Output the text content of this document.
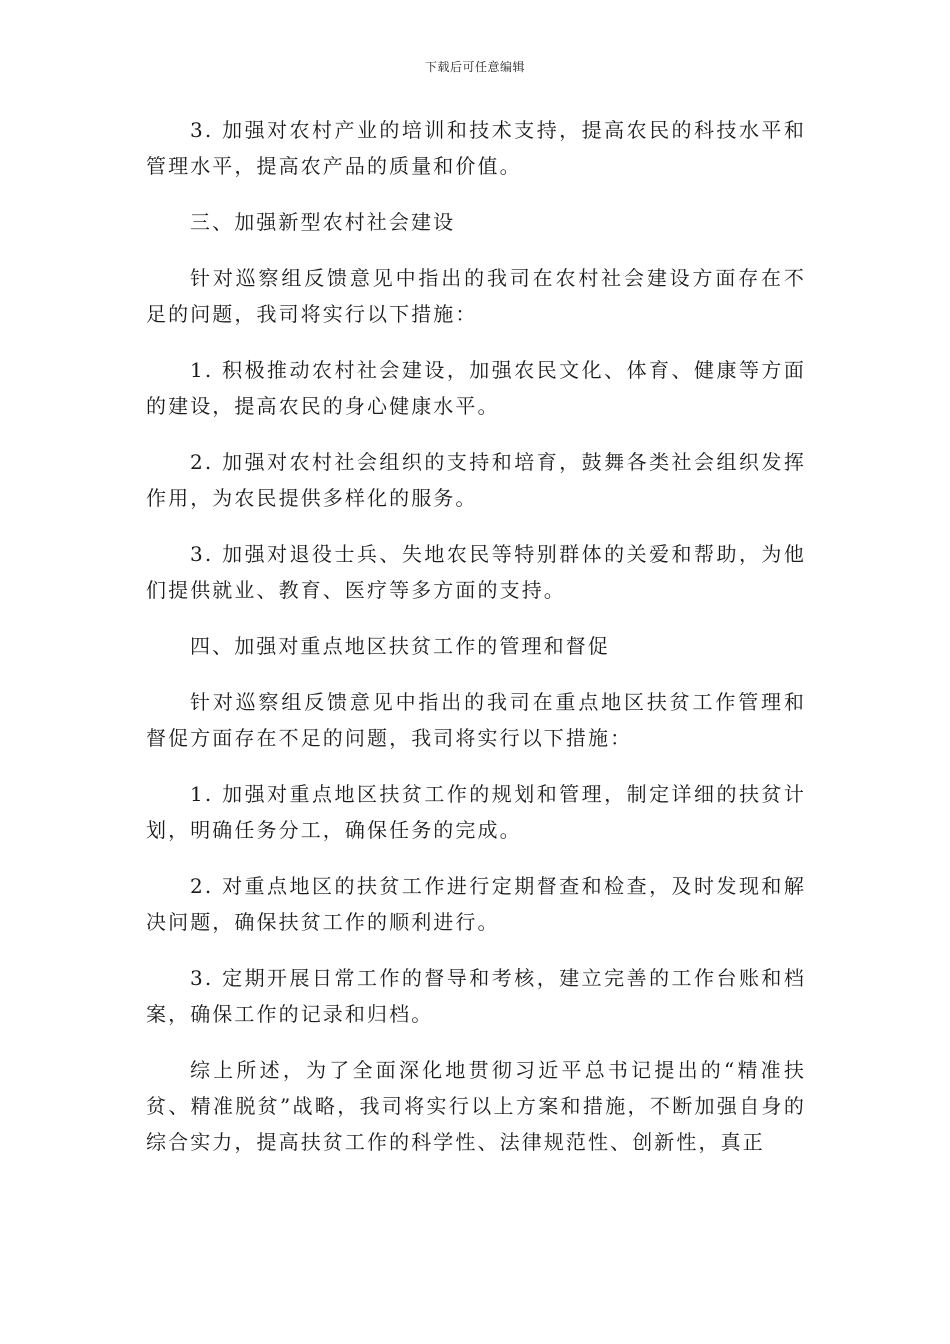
下载后可任意编辑

3. 加强对农村产业的培训和技术支持，提高农民的科技水平和管理水平，提高农产品的质量和价值。

三、加强新型农村社会建设

针对巡察组反馈意见中指出的我司在农村社会建设方面存在不足的问题，我司将实行以下措施：

1. 积极推动农村社会建设，加强农民文化、体育、健康等方面的建设，提高农民的身心健康水平。

2. 加强对农村社会组织的支持和培育，鼓舞各类社会组织发挥作用，为农民提供多样化的服务。

3. 加强对退役士兵、失地农民等特别群体的关爱和帮助，为他们提供就业、教育、医疗等多方面的支持。

四、加强对重点地区扶贫工作的管理和督促

针对巡察组反馈意见中指出的我司在重点地区扶贫工作管理和督促方面存在不足的问题，我司将实行以下措施：

1. 加强对重点地区扶贫工作的规划和管理，制定详细的扶贫计划，明确任务分工，确保任务的完成。

2. 对重点地区的扶贫工作进行定期督查和检查，及时发现和解决问题，确保扶贫工作的顺利进行。

3. 定期开展日常工作的督导和考核，建立完善的工作台账和档案，确保工作的记录和归档。

综上所述，为了全面深化地贯彻习近平总书记提出的“精准扶贫、精准脱贫”战略，我司将实行以上方案和措施，不断加强自身的综合实力，提高扶贫工作的科学性、法律规范性、创新性，真正
